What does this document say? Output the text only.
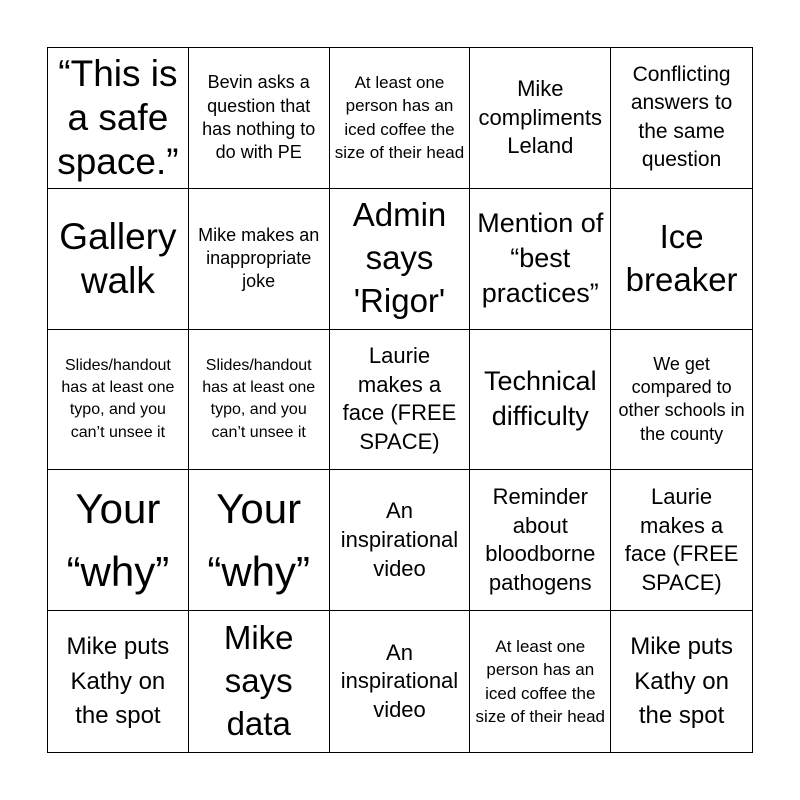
“This is a safe space.”
Bevin asks a question that has nothing to do with PE
At least one person has an iced coffee the size of their head
Mike compliments Leland
Conflicting answers to the same question
Gallery walk
Mike makes an inappropriate joke
Admin says 'Rigor'
Mention of “best practices”
Ice breaker
Slides/handout has at least one typo, and you can’t unsee it
Slides/handout has at least one typo, and you can’t unsee it
Laurie makes a face (FREE SPACE)
Technical difficulty
We get compared to other schools in the county
Your “why”
Your “why”
An inspirational video
Reminder about bloodborne pathogens
Laurie makes a face (FREE SPACE)
Mike puts Kathy on the spot
Mike says data
An inspirational video
At least one person has an iced coffee the size of their head
Mike puts Kathy on the spot
